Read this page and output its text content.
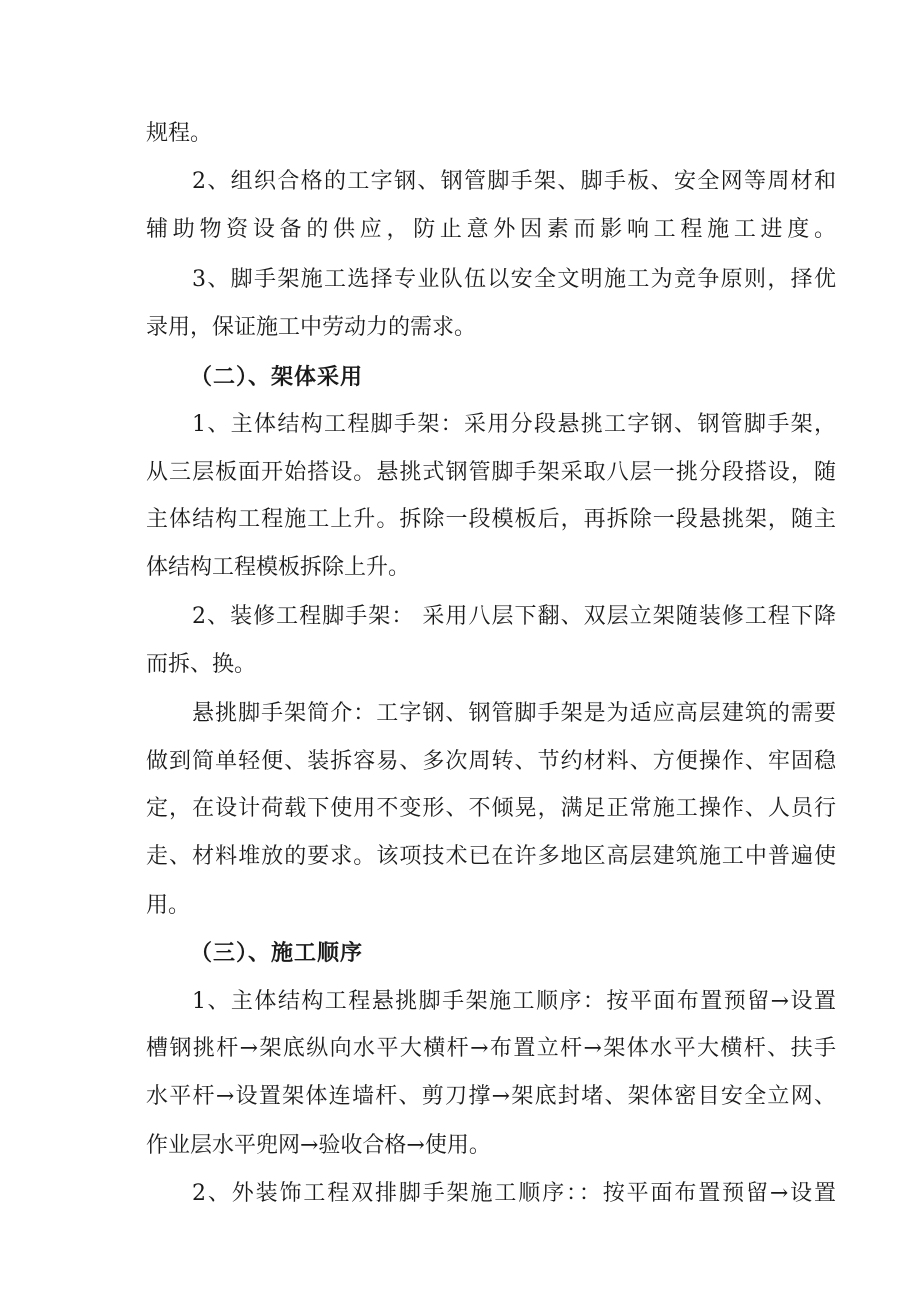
规程。
2、组织合格的工字钢、钢管脚手架、脚手板、安全网等周材和
辅助物资设备的供应，防止意外因素而影响工程施工进度。
3、脚手架施工选择专业队伍以安全文明施工为竞争原则，择优
录用，保证施工中劳动力的需求。
（二）、架体采用
1、主体结构工程脚手架：采用分段悬挑工字钢、钢管脚手架，
从三层板面开始搭设。悬挑式钢管脚手架采取八层一挑分段搭设，随
主体结构工程施工上升。拆除一段模板后，再拆除一段悬挑架，随主
体结构工程模板拆除上升。
2、装修工程脚手架： 采用八层下翻、双层立架随装修工程下降
而拆、换。
悬挑脚手架简介：工字钢、钢管脚手架是为适应高层建筑的需要
做到简单轻便、装拆容易、多次周转、节约材料、方便操作、牢固稳
定，在设计荷载下使用不变形、不倾晃，满足正常施工操作、人员行
走、材料堆放的要求。该项技术已在许多地区高层建筑施工中普遍使
用。
（三）、施工顺序
1、主体结构工程悬挑脚手架施工顺序：按平面布置预留→设置
槽钢挑杆→架底纵向水平大横杆→布置立杆→架体水平大横杆、扶手
水平杆→设置架体连墙杆、剪刀撑→架底封堵、架体密目安全立网、
作业层水平兜网→验收合格→使用。
2、外装饰工程双排脚手架施工顺序：：按平面布置预留→设置
